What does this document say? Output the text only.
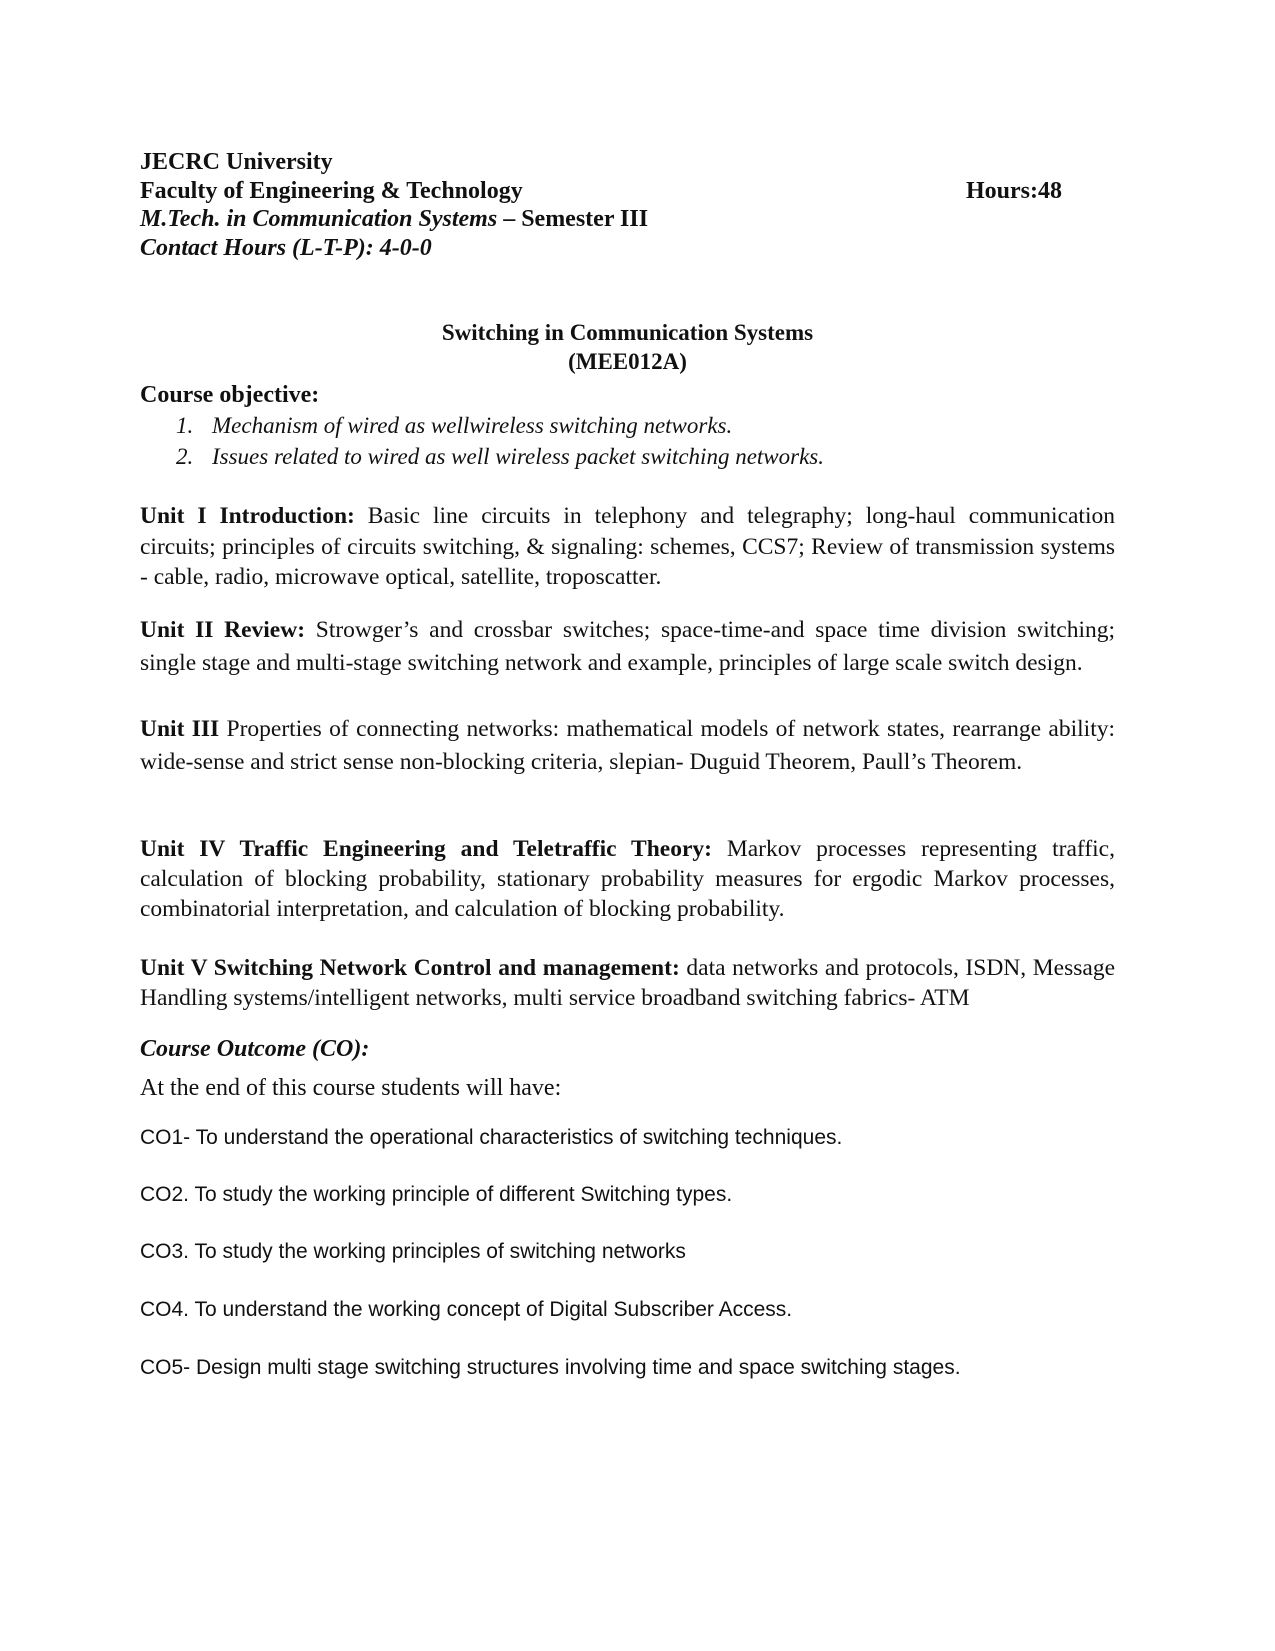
JECRC University
Faculty of Engineering & Technology	Hours:48
M.Tech. in Communication Systems – Semester III
Contact Hours (L-T-P): 4-0-0
Switching in Communication Systems
(MEE012A)
Course objective:
1. Mechanism of wired as wellwireless switching networks.
2. Issues related to wired as well wireless packet switching networks.
Unit I Introduction: Basic line circuits in telephony and telegraphy; long-haul communication circuits; principles of circuits switching, & signaling: schemes, CCS7; Review of transmission systems - cable, radio, microwave optical, satellite, troposcatter.
Unit II Review: Strowger’s and crossbar switches; space-time-and space time division switching; single stage and multi-stage switching network and example, principles of large scale switch design.
Unit III Properties of connecting networks: mathematical models of network states, rearrange ability: wide-sense and strict sense non-blocking criteria, slepian- Duguid Theorem, Paull’s Theorem.
Unit IV Traffic Engineering and Teletraffic Theory: Markov processes representing traffic, calculation of blocking probability, stationary probability measures for ergodic Markov processes, combinatorial interpretation, and calculation of blocking probability.
Unit V Switching Network Control and management: data networks and protocols, ISDN, Message Handling systems/intelligent networks, multi service broadband switching fabrics- ATM
Course Outcome (CO):
At the end of this course students will have:
CO1- To understand the operational characteristics of switching techniques.
CO2. To study the working principle of different Switching types.
CO3. To study the working principles of switching networks
CO4. To understand the working concept of Digital Subscriber Access.
CO5- Design multi stage switching structures involving time and space switching stages.
